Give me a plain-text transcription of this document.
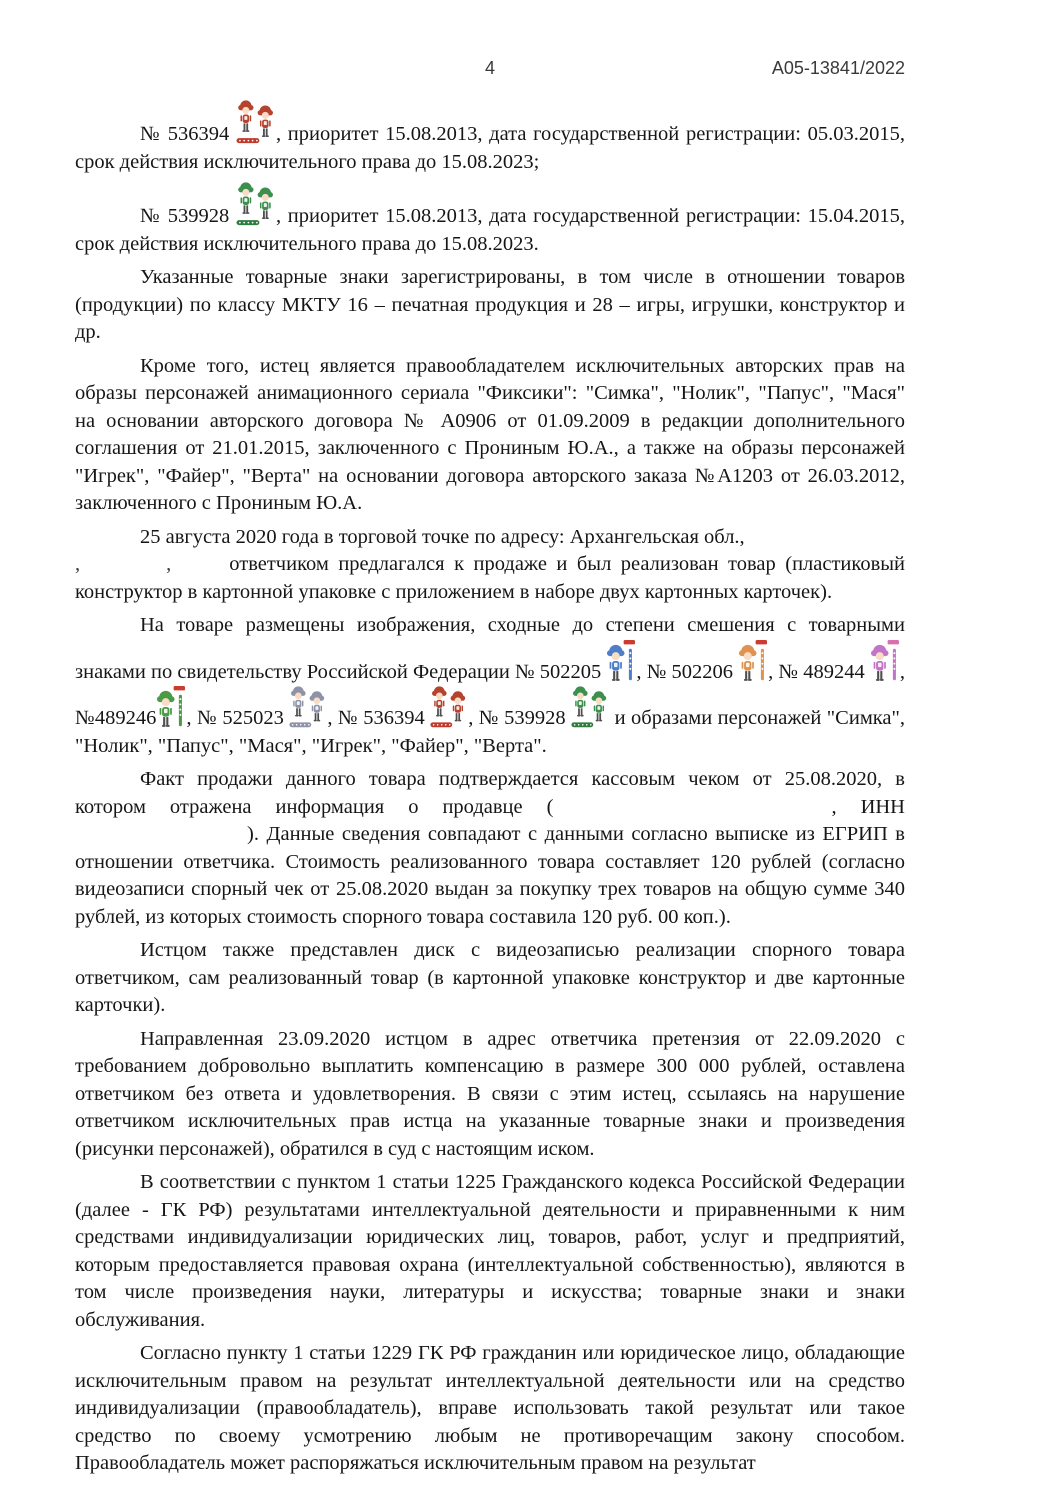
4	А05-13841/2022

№ 536394
, приоритет 15.08.2013, дата государственной регистрации: 05.03.2015, срок действия исключительного права до 15.08.2023;

№ 539928
, приоритет 15.08.2013, дата государственной регистрации: 15.04.2015, срок действия исключительного права до 15.08.2023.

Указанные товарные знаки зарегистрированы, в том числе в отношении товаров (продукции) по классу МКТУ 16 – печатная продукция и 28 – игры, игрушки, конструктор и др.

Кроме того, истец является правообладателем исключительных авторских прав на образы персонажей анимационного сериала "Фиксики": "Симка", "Нолик", "Папус", "Мася" на основании авторского договора № А0906 от 01.09.2009 в редакции дополнительного соглашения от 21.01.2015, заключенного с Прониным Ю.А., а также на образы персонажей "Игрек", "Файер", "Верта" на основании договора авторского заказа №А1203 от 26.03.2012, заключенного с Прониным Ю.А.

25 августа 2020 года в торговой точке по адресу: Архангельская обл.,
,	,	ответчиком предлагался к продаже и был реализован товар (пластиковый конструктор в картонной упаковке с приложением в наборе двух картонных карточек).

На товаре размещены изображения, сходные до степени смешения с товарными знаками по свидетельству Российской Федерации № 502205
, № 502206
, № 489244
, №489246 , № 525023
, № 536394
, № 539928
и образами персонажей "Симка", "Нолик", "Папус", "Мася", "Игрек", "Файер", "Верта".

Факт продажи данного товара подтверждается кассовым чеком от 25.08.2020, в котором отражена информация о продавце (	, ИНН). Данные сведения совпадают с данными согласно выписке из ЕГРИП в отношении ответчика. Стоимость реализованного товара составляет 120 рублей (согласно видеозаписи спорный чек от 25.08.2020 выдан за покупку трех товаров на общую сумме 340 рублей, из которых стоимость спорного товара составила 120 руб. 00 коп.).

Истцом также представлен диск с видеозаписью реализации спорного товара ответчиком, сам реализованный товар (в картонной упаковке конструктор и две картонные карточки).

Направленная 23.09.2020 истцом в адрес ответчика претензия от 22.09.2020 с требованием добровольно выплатить компенсацию в размере 300 000 рублей, оставлена ответчиком без ответа и удовлетворения. В связи с этим истец, ссылаясь на нарушение ответчиком исключительных прав истца на указанные товарные знаки и произведения (рисунки персонажей), обратился в суд с настоящим иском.

В соответствии с пунктом 1 статьи 1225 Гражданского кодекса Российской Федерации (далее - ГК РФ) результатами интеллектуальной деятельности и приравненными к ним средствами индивидуализации юридических лиц, товаров, работ, услуг и предприятий, которым предоставляется правовая охрана (интеллектуальной собственностью), являются в том числе произведения науки, литературы и искусства; товарные знаки и знаки обслуживания.

Согласно пункту 1 статьи 1229 ГК РФ гражданин или юридическое лицо, обладающие исключительным правом на результат интеллектуальной деятельности или на средство индивидуализации (правообладатель), вправе использовать такой результат или такое средство по своему усмотрению любым не противоречащим закону способом. Правообладатель может распоряжаться исключительным правом на результат
